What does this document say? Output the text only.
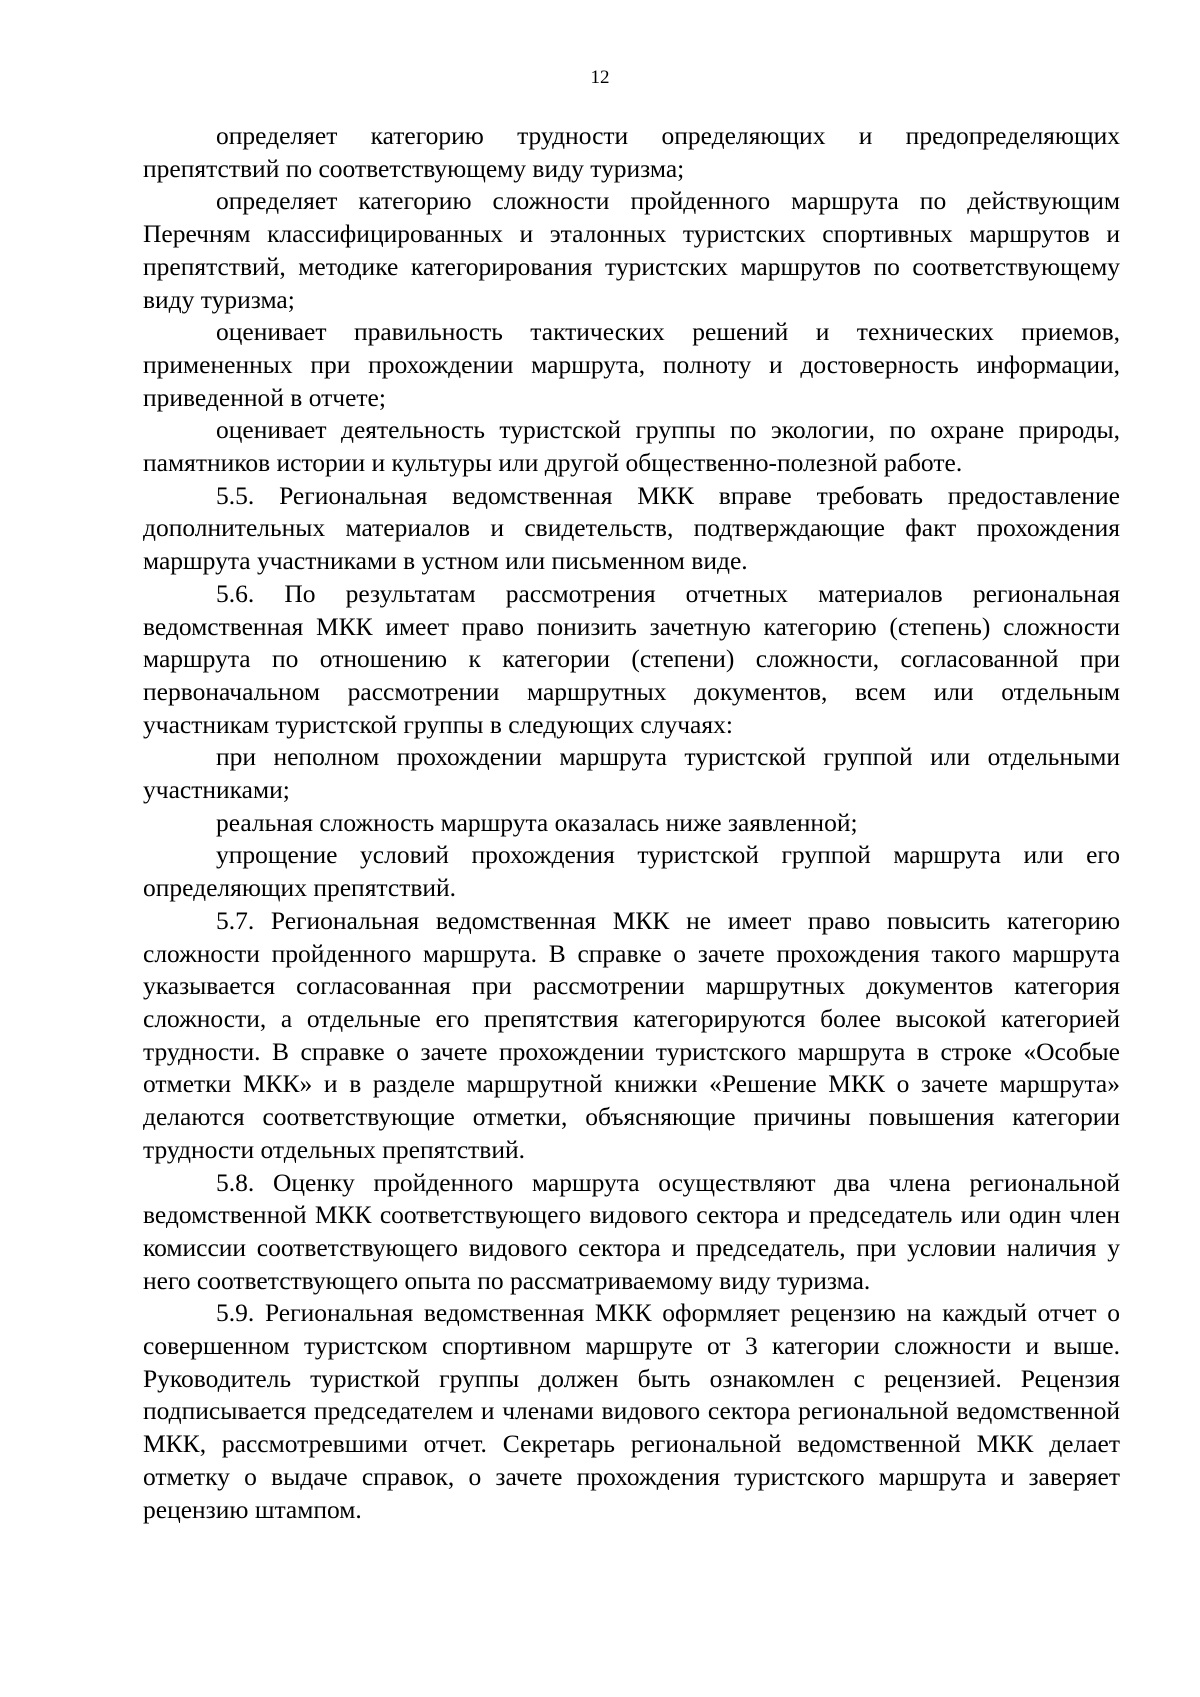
12

определяет категорию трудности определяющих и предопределяющих препятствий по соответствующему виду туризма;

определяет категорию сложности пройденного маршрута по действующим Перечням классифицированных и эталонных туристских спортивных маршрутов и препятствий, методике категорирования туристских маршрутов по соответствующему виду туризма;

оценивает правильность тактических решений и технических приемов, примененных при прохождении маршрута, полноту и достоверность информации, приведенной в отчете;

оценивает деятельность туристской группы по экологии, по охране природы, памятников истории и культуры или другой общественно-полезной работе.

5.5. Региональная ведомственная МКК вправе требовать предоставление дополнительных материалов и свидетельств, подтверждающие факт прохождения маршрута участниками в устном или письменном виде.

5.6. По результатам рассмотрения отчетных материалов региональная ведомственная МКК имеет право понизить зачетную категорию (степень) сложности маршрута по отношению к категории (степени) сложности, согласованной при первоначальном рассмотрении маршрутных документов, всем или отдельным участникам туристской группы в следующих случаях:

при неполном прохождении маршрута туристской группой или отдельными участниками;

реальная сложность маршрута оказалась ниже заявленной;

упрощение условий прохождения туристской группой маршрута или его определяющих препятствий.

5.7. Региональная ведомственная МКК не имеет право повысить категорию сложности пройденного маршрута. В справке о зачете прохождения такого маршрута указывается согласованная при рассмотрении маршрутных документов категория сложности, а отдельные его препятствия категорируются более высокой категорией трудности. В справке о зачете прохождении туристского маршрута в строке «Особые отметки МКК» и в разделе маршрутной книжки «Решение МКК о зачете маршрута» делаются соответствующие отметки, объясняющие причины повышения категории трудности отдельных препятствий.

5.8. Оценку пройденного маршрута осуществляют два члена региональной ведомственной МКК соответствующего видового сектора и председатель или один член комиссии соответствующего видового сектора и председатель, при условии наличия у него соответствующего опыта по рассматриваемому виду туризма.

5.9. Региональная ведомственная МКК оформляет рецензию на каждый отчет о совершенном туристском спортивном маршруте от 3 категории сложности и выше. Руководитель туристкой группы должен быть ознакомлен с рецензией. Рецензия подписывается председателем и членами видового сектора региональной ведомственной МКК, рассмотревшими отчет. Секретарь региональной ведомственной МКК делает отметку о выдаче справок, о зачете прохождения туристского маршрута и заверяет рецензию штампом.
